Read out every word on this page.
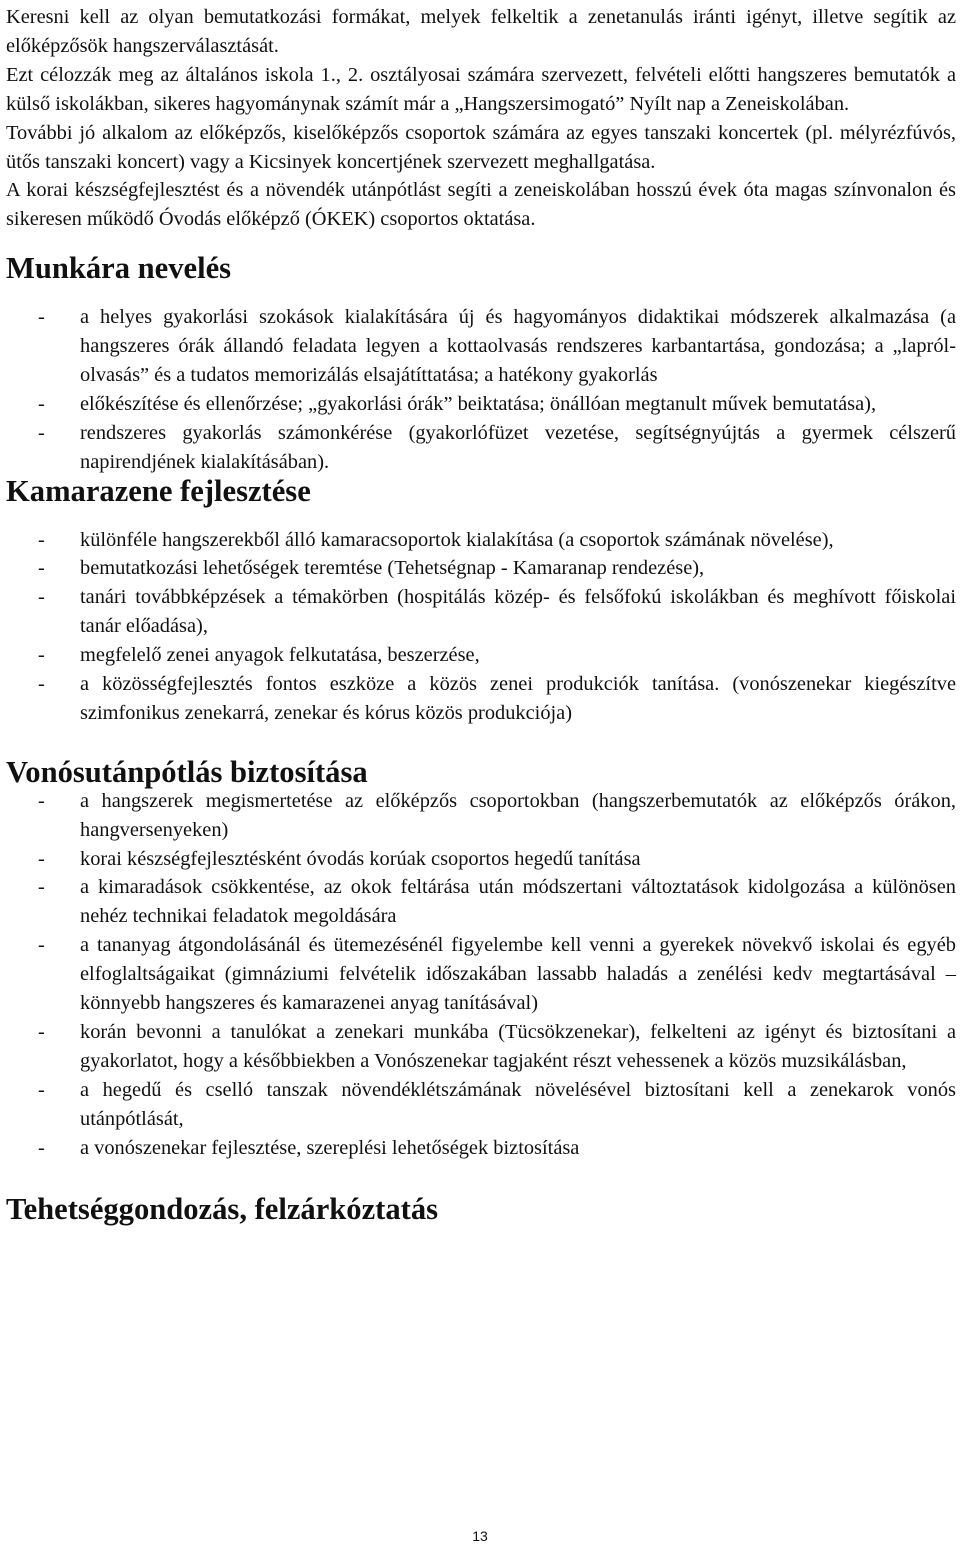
Keresni kell az olyan bemutatkozási formákat, melyek felkeltik a zenetanulás iránti igényt, illetve segítik az előképzősök hangszerválasztását.

Ezt célozzák meg az általános iskola 1., 2. osztályosai számára szervezett, felvételi előtti hangszeres bemutatók a külső iskolákban, sikeres hagyománynak számít már a „Hangszersimogató” Nyílt nap a Zeneiskolában.

További jó alkalom az előképzős, kiselőképzős csoportok számára az egyes tanszaki koncertek (pl. mélyrézfúvós, ütős tanszaki koncert) vagy a Kicsinyek koncertjének szervezett meghallgatása.

A korai készségfejlesztést és a növendék utánpótlást segíti a zeneiskolában hosszú évek óta magas színvonalon és sikeresen működő Óvodás előképző (ÓKEK) csoportos oktatása.

Munkára nevelés
- a helyes gyakorlási szokások kialakítására új és hagyományos didaktikai módszerek alkalmazása (a hangszeres órák állandó feladata legyen a kottaolvasás rendszeres karbantartása, gondozása; a „lapról-olvasás” és a tudatos memorizálás elsajátíttatása; a hatékony gyakorlás
- előkészítése és ellenőrzése; „gyakorlási órák” beiktatása; önállóan megtanult művek bemutatása),
- rendszeres gyakorlás számonkérése (gyakorlófüzet vezetése, segítségnyújtás a gyermek célszerű napirendjének kialakításában).
Kamarazene fejlesztése
- különféle hangszerekből álló kamaracsoportok kialakítása (a csoportok számának növelése),
- bemutatkozási lehetőségek teremtése (Tehetségnap - Kamaranap rendezése),
- tanári továbbképzések a témakörben (hospitálás közép- és felsőfokú iskolákban és meghívott főiskolai tanár előadása),
- megfelelő zenei anyagok felkutatása, beszerzése,
- a közösségfejlesztés fontos eszköze a közös zenei produkciók tanítása. (vonószenekar kiegészítve szimfonikus zenekarrá, zenekar és kórus közös produkciója)
Vonósutánpótlás biztosítása
- a hangszerek megismertetése az előképzős csoportokban (hangszerbemutatók az előképzős órákon, hangversenyeken)
- korai készségfejlesztésként óvodás korúak csoportos hegedű tanítása
- a kimaradások csökkentése, az okok feltárása után módszertani változtatások kidolgozása a különösen nehéz technikai feladatok megoldására
- a tananyag átgondolásánál és ütemezésénél figyelembe kell venni a gyerekek növekvő iskolai és egyéb elfoglaltságaikat (gimnáziumi felvételik időszakában lassabb haladás a zenélési kedv megtartásával – könnyebb hangszeres és kamarazenei anyag tanításával)
- korán bevonni a tanulókat a zenekari munkába (Tücsökzenekar), felkelteni az igényt és biztosítani a gyakorlatot, hogy a későbbiekben a Vonószenekar tagjaként részt vehessenek a közös muzsikálásban,
- a hegedű és cselló tanszak növendéklétszámának növelésével biztosítani kell a zenekarok vonós utánpótlását,
- a vonószenekar fejlesztése, szereplési lehetőségek biztosítása
Tehetséggondozás, felzárkóztatás
13
